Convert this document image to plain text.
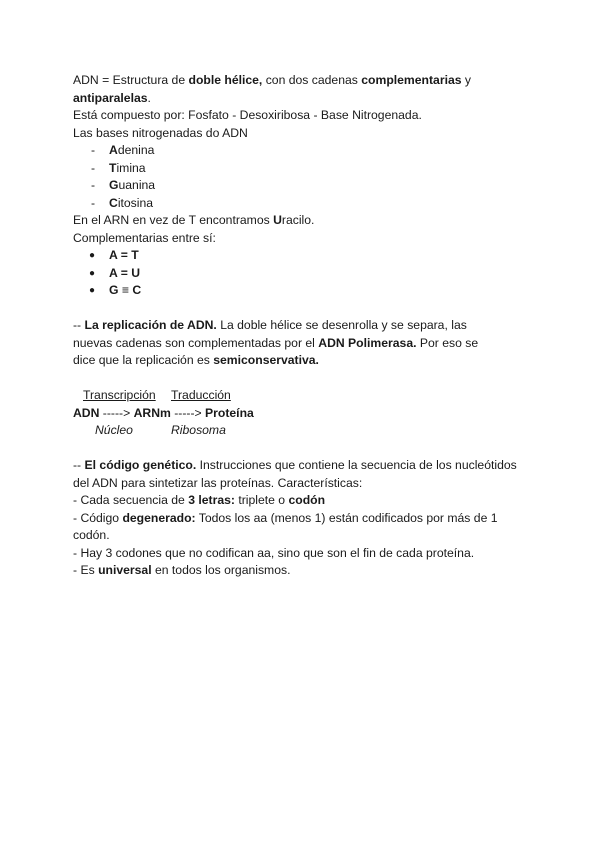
ADN = Estructura de doble hélice, con dos cadenas complementarias y antiparalelas.

Está compuesto por: Fosfato - Desoxiribosa - Base Nitrogenada.

Las bases nitrogenadas do ADN

- Adenina
- Timina
- Guanina
- Citosina

En el ARN en vez de T encontramos Uracilo.

Complementarias entre sí:

● A = T
● A = U
● G ≡ C

-- La replicación de ADN. La doble hélice se desenrolla y se separa, las nuevas cadenas son complementadas por el ADN Polimerasa. Por eso se dice que la replicación es semiconservativa.

Transcripción Traducción

ADN -----> ARNm -----> Proteína

Núcleo	Ribosoma

-- El código genético. Instrucciones que contiene la secuencia de los nucleótidos del ADN para sintetizar las proteínas. Características:

- Cada secuencia de 3 letras: triplete o codón

- Código degenerado: Todos los aa (menos 1) están codificados por más de 1 codón.

- Hay 3 codones que no codifican aa, sino que son el fin de cada proteína.

- Es universal en todos los organismos.
